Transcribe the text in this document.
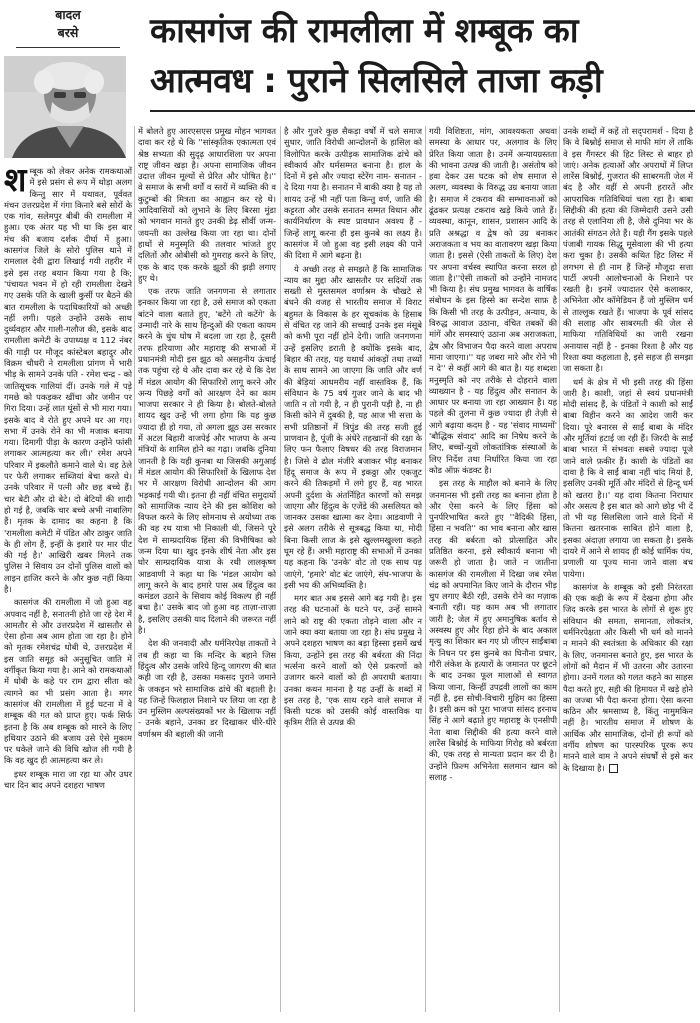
बादल
बरसे	कासगंज की रामलीला में शम्बूक का
आत्मवध : पुराने सिलसिले ताजा कड़ी

शम्बूक को लेकर अनेक रामकथाओं में इसे प्रसंग से रूप में थोड़ा अलग किन्तु सार में यथावत, पूर्ववत मंचन उत्तरप्रदेश में गंगा किनारे बसे सोरों के एक गांव, सलेमपुर बीबी की रामलीला में हुआ। एक अंतर यह भी था कि इस बार मंच की बजाय दर्शक दीर्घा में हुआ। कासगंज जिले के सोरो पुलिस थाने में रामलाल देवी द्वारा लिखाई गयी तहरीर में इसे इस तरह बयान किया गया है कि; 'पंचायत भवन में हो रही रामलीला देखने गए उसके पति के खाली कुर्सी पर बैठने की बात रामलीला के पदाधिकारियों को अच्छी नहीं लगी। पहले उन्होंने उसके साथ दुर्व्यवहार और गाली-गलौज की, इसके बाद रामलीला कमेटी के उपाध्यक्ष व 112 नंबर की गाड़ी पर मौजूद कांस्टेबल बहादुर और विक्रम चौधरी ने रामलीला प्रांगण में भारी भीड़ के सामने उनके पति - रमेश चन्द्र - को जातिसूचक गालियां दीं। उनके गले में पड़े गमछे को पकड़कर खींचा और जमीन पर गिरा दिया। उन्हें लात घूंसों से भी मारा गया। इसके बाद वे रोते हुए अपने घर आ गए। सभा में उनके रोने का भी मजाक बनाया गया। दिमागी पीड़ा के कारण उन्होंने फांसी लगाकर आत्महत्या कर ली।' रमेश अपने परिवार में इकलौते कमाने वाले थे। वह ठेले पर फेरी लगाकर सब्जियां बेचा करते थे। उनके परिवार में पत्नी और छह बच्चे हैं। चार बेटी और दो बेटे। दो बेटियों की शादी हो गई है, जबकि चार बच्चे अभी नाबालिग हैं। मृतक के दामाद का कहना है कि 'रामलीला कमेटी में पंडित और ठाकुर जाति के ही लोग हैं, इन्हीं के इशारे पर मार पीट की गई है।' आखिरी खबर मिलने तक पुलिस ने सिवाय उन दोनों पुलिस वालों को लाइन हाजिर करने के और कुछ नहीं किया है।

कासगंज की रामलीला में जो हुआ वह अपवाद नहीं है, सनातनी होते जा रहे देश में आमतौर से और उत्तरप्रदेश में खासतौर से ऐसा होना अब आम होता जा रहा है। होने को मृतक रमेशचंद्र धोबी थे, उत्तरप्रदेश में इस जाति समूह को अनुसूचित जाति में वर्गीकृत किया गया है। आने को रामकथाओं में धोबी के कहे पर राम द्वारा सीता को त्यागने का भी प्रसंग आता है। मगर कासगंज की रामलीला में हुई घटना में वे शम्बूक की गत को प्राप्त हुए। फर्क सिर्फ इतना है कि अब शम्बूक को मारने के लिए हथियार उठाने की बजाय उसे ऐसे मुकाम पर धकेले जाने की विधि खोज ली गयी है कि वह खुद ही आत्महत्या कर ले।

इधर शम्बूक मारा जा रहा था और उधर चार दिन बाद अपने दशहरा भाषण

में बोलते हुए आरएसएस प्रमुख मोहन भागवत दावा कर रहे थे कि ''सांस्कृतिक एकात्मता एवं श्रेष्ठ सभ्यता की सुदृढ़ आधारशिला पर अपना राष्ट्र जीवन खड़ा है। अपना सामाजिक जीवन उदात्त जीवन मूल्यों से प्रेरित और पोषित है।'' वे समाज के सभी वर्गों व स्तरों में व्यक्ति की व कुटुम्बों की मित्रता का आह्वान कर रहे थे। आदिवासियों को लुभाने के लिए बिरसा मुंडा को भगवान मानते हुए उनकी डेढ़ सौवीं जन्म-जयन्ती का उल्लेख किया जा रहा था। दोनों हाथों से मनुस्मृति की तलवार भांजते हुए दलितों और ओबीसी को गुमराह करने के लिए, एक के बाद एक करके झूठों की झड़ी लगाए हुए थे।

एक तरफ जाति जनगणना से लगातार इनकार किया जा रहा है, उसे समाज को एकता बांटने वाला बताते हुए, 'बटेंगे तो कटेंगे' के उन्मादी नारे के साथ हिन्दुओं की एकता कायम करने के धुंध घोष में बदला जा रहा है, दूसरी तरफ हरियाणा और महाराष्ट्र की सभाओं में प्रधानमंत्री मोदी इस झूठ को असहनीय ऊंचाई तक पहुंचा रहे थे और दावा कर रहे थे कि देश में मंडल आयोग की सिफारिशें लागू करने और अन्य पिछड़े वर्गों को आरक्षण देने का काम भाजपा सरकार ने ही किया है। बोलते-बोलते शायद खुद उन्हें भी लगा होगा कि यह कुछ ज्यादा ही हो गया, तो अगला झूठ उस सरकार में अटल बिहारी वाजपेई और भाजपा के अन्य मंत्रियों के शामिल होने का गढ़ा। जबकि दुनिया जानती है कि यही कुनबा था जिसकी अगुआई में मंडल आयोग की सिफारिशों के खिलाफ देश भर में आरक्षण विरोधी आन्दोलन की आग भड़काई गयी थी। इतना ही नहीं वंचित समुदायों को सामाजिक न्याय देने की इस कोशिश को विफल करने के लिए सोमनाथ से अयोध्या तक की वह रथ यात्रा भी निकाली थी, जिसने पूरे देश में साम्प्रदायिक हिंसा की विभीषिका को जन्म दिया था। खुद इनके शीर्ष नेता और इस घोर साम्प्रदायिक यात्रा के रथी लालकृष्ण आडवाणी ने कहा था कि 'मंडल आयोग को लागू करने के बाद हमारे पास अब हिंदुत्व का कमंडल उठाने के सिवाय कोई विकल्प ही नहीं बचा है।' उसके बाद जो हुआ वह ताज़ा-ताज़ा है, इसलिए उसकी याद दिलाने की जरूरत नहीं है।

देश की जनवादी और धर्मनिरपेक्ष ताकतों ने तब ही कहा था कि मन्दिर के बहाने जिस हिंदुत्व और उसके जरिये हिन्दू जागरण की बात कही जा रही है, उसका मकसद पुराने जमाने के जकड़न भरे सामाजिक ढांचे की बहाली है। यह जिन्हें फिलहाल निशाने पर लिया जा रहा है उन मुस्लिम अल्पसंख्यकों भर के खिलाफ नहीं - उनके बहाने, उनका डर दिखाकर धीरे-धीरे वर्णाश्रम की बहाली की जानी

है और गुजरे कुछ सैकड़ा वर्षों में चले समाज सुधार, जाति विरोधी आन्दोलनों के हासिल को विलोपित करके उत्पीड़क सामाजिक ढांचे को स्वीकार्य और धर्मसम्मत बनाना है। हाल के दिनों में इसे और ज्यादा स्टेरेंग नाम- सनातन - दे दिया गया है। सनातन में बाकी क्या है यह तो शायद उन्हें भी नहीं पता किन्तु वर्ण, जाति की कट्टरता और उसके सनातन सम्मत विधान और कार्यनिर्धारण के स्पष्ट प्रावधान अवश्य हैं - जिन्हें लागू करना ही इस कुनबे का लक्ष्य है। कासगंज में जो हुआ वह इसी लक्ष्य की पाने की दिशा में आगे बढ़ना है।

ये अच्छी तरह से समझते हैं कि सामाजिक न्याय का मुद्दा और खासतौर पर सदियों तक सख्ती से मुस्तसमल वर्णाश्रम के चौखटे से बंधने की वजह से भारतीय समाज में विराट बहुमत के विकास के हर सूचकांक के हिसाब से वंचित रह जाने की सच्चाई उनके इस मंसूबे को कभी पूरा नहीं होने देगी। जाति जनगणना उन्हें इसलिए डराती है क्योंकि इसके बाद, बिहार की तरह, यह यथार्थ आंकड़ों तथा तथ्यों के साथ सामने आ जाएगा कि जाति और वर्ण की बेड़ियां आधमरीय नहीं वास्तविक हैं, कि संविधान के 75 वर्ष गुजर जाने के बाद भी जाति न तो गयी है, न ही पुरानी पड़ी है, ना ही किसी कोने में दुबकी है, यह आज भी सत्ता के सभी प्रतिष्ठानों में त्रिपुंड की तरह सजी हुई प्राणवान है, पूंजी के अंधेरे तहखानों की रक्षा के लिए फन फैलाए विषधर की तरह विराजमान है। जिसे वे ढोल मंजीरे बजाकर भीड़ बनाकर हिंदू समाज के रूप में इकठ्ठा और एकजुट करने की तिकड़मों में लगे हुए हैं, वह भारत अपनी दुर्दशा के अंतर्निहित कारणों को समझ जाएगा और हिंदुत्व के एजेंडे की असलियत को जानकर उसका खात्मा कर देगा। आडवाणी ने इसे अलग तरीके से सूत्रबद्ध किया था, मोदी बिना किसी लाज के इसे खुल्लमखुल्ला कहते घूम रहे हैं। अभी महाराष्ट्र की सभाओं में उनका यह कहना कि 'उनके' वोट तो एक साथ पड़ जाएंगे, 'हमारे' वोट बंट जाएंगे, संघ-भाजपा के इसी भय की अभिव्यक्ति है।

मगर बात अब इससे आगे बढ़ गयी है। इस तरह की घटनाओं के घटने पर, उन्हें सामने लाने को राष्ट्र की एकता तोड़ने वाला और न जाने क्या क्या बताया जा रहा है। संघ प्रमुख ने अपने दशहरा भाषण का बड़ा हिस्सा इसमें खर्च किया, उन्होंने इस तरह की बर्बरता की निंदा भर्त्सना करने वालों को ऐसे प्रकरणों को उजागर करने वालों को ही अपराधी बताया। उनका कथन मानना है यह उन्हीं के शब्दों में इस तरह है, 'एक साथ रहने वाले समाज में किसी घटक को उसकी कोई वास्तविक या कृत्रिम रीति से उत्पन्न की

गयी विशिष्टता, मांग, आवश्यकता अथवा समस्या के आधार पर, अलगाव के लिए प्रेरित किया जाता है। उनमें अन्यायग्रस्तता की भावना उत्पन्न की जाती है। असंतोष को हवा देकर उस घटक को शेष समाज से अलग, व्यवस्था के विरुद्ध उग्र बनाया जाता है। समाज में टकराव की सम्भावनाओं को ढूंढकर प्रत्यक्ष टकराव खड़े किये जाते हैं। व्यवस्था, कानून, शासन, प्रशासन आदि के प्रति अश्रद्धा व द्वेष को उग्र बनाकर अराजकता व भय का वातावरण खड़ा किया जाता है। इससे (ऐसी ताकतों के लिए) देश पर अपना वर्चस्व स्थापित करना सरल हो जाता है।''ऐसी ताकतों को उन्होंने नामजद भी किया है। संघ प्रमुख भागवत के वार्षिक संबोधन के इस हिस्से का सन्देश साफ़ है कि किसी भी तरह के उत्पीड़न, अन्याय, के विरुद्ध आवाज उठाना, वंचित तबकों की मांगें और समस्याएं उठाना अब अराजकता, द्वेष और विभाजन पैदा करने वाला अपराध माना जाएगा।'' यह जबरा मारे और रोने भी न दे'' से कहीं आगे की बात है। यह शब्दशः मनुस्मृति को नए तरीके से दोहराने वाला व्याख्यान है - यह हिंदुत्व और सनातन के आधार पर बनाया जा रहा आख्यान है। यह पहले की तुलना में कुछ ज्यादा ही तेज़ी से आगे बढ़ाया कदम है - यह 'संवाद माध्यमों' 'बौद्धिक संवाद' आदि का निषेध करने के लिए, बच्चों-युवों लोकतांत्रिक संस्थाओं के लिए निर्देश तथा निर्धारित किया जा रहा कोड ऑफ़ कंडक्ट है।

इस तरह के माहौल को बनाने के लिए जनमानस भी इसी तरह का बनाना होता है और ऐसा करने के लिए हिंसा को पुनर्परिभाषित करते हुए ''वैदिकी हिंसा, हिंसा न भवति'' का भाव बनाना और खास तरह की बर्बरता को प्रोत्साहित और प्रतिष्ठित करना, इसे स्वीकार्य बनाना भी जरूरी हो जाता है। जाते न जातीना कासगंज की रामलीला में दिखा जब रमेश चंद्र को अपमानित किए जाने के दौरान भीड़ चुप लगाए बैठी रही, उसके रोने का मज़ाक बनाती रही। यह काम अब भी लगातार जारी है; जेल में हुए अमानुषिक बर्ताव से अस्वस्थ हुए और रिहा होने के बाद अकाल मृत्यु का शिकार बन गए प्रो जीएन साईंबाबा के निधन पर इस कुनबे का घिनौना प्रचार, गौरी लंकेश के हत्यारों के जमानत पर छूटने के बाद उनका फूल मालाओं से स्वागत किया जाना, किन्हीं उपद्रवी लालों का काम नहीं है, इस सोची-विचारी मुहिम का हिस्सा है। इसी क्रम को पूरा भाजपा सांसद हरनाथ सिंह ने आगे बढ़ाते हुए महाराष्ट्र के एनसीपी नेता बाबा सिद्दीकी की हत्या करने वाले लारेंस बिश्नोई के माफिया गिरोह को बर्बरता की, एक तरह से मान्यता प्रदान कर दी है। उन्होंने फ़िल्म अभिनेता सलमान खान को सलाह -

उनके शब्दों में कहें तो सद्परामर्श - दिया है कि वे बिश्नोई समाज से माफी मांग लें ताकि वे इस गैंगस्टर की हिट लिस्ट से बाहर हो जाएं। अनेक हत्याओं और अपराधों में लिप्त लारेंस बिश्नोई, गुजरात की साबरमती जेल में बंद है और वहीं से अपनी हरारतें और आपराधिक गतिविधियां चला रहा है। बाबा सिद्दीकी की हत्या की जिम्मेदारी उसने उसी तरह से एलानिया ली है, जैसे दुनिया भर के आतंकी संगठन लेते हैं। यही गैंग इसके पहले पंजाबी गायक सिद्धू मूसेवाला की भी हत्या करा चुका है। उसकी कथित हिट लिस्ट में लगभग से ही नाम हैं जिन्हें मौजूदा सत्ता पार्टी अपनी आलोचनाओं के निशाने पर रखती है। इनमें ज्यादातर ऐसे कलाकार, अभिनेता और कॉमेडियन हैं जो मुस्लिम धर्म से ताल्लुक रखते हैं। भाजपा के पूर्व सांसद की सलाह और साबरमती की जेल से माफिया गतिविधियों का जारी रखना अनायास नहीं है - इनका रिश्ता है और यह रिश्ता क्या कहलाता है, इसे सहज ही समझा जा सकता है।

धर्म के क्षेत्र में भी इसी तरह की हिंसा जारी है। काशी, जहां से स्वयं प्रधानमंत्री मोदी सांसद हैं, के पंडितों ने काशी को साईं बाबा विहीन करने का आदेश जारी कर दिया। पूरे बनारस से साईं बाबा के मंदिर और मूर्तियां हटाई जा रही हैं। जिरदी के साईं बाबा भारत में संभवतः सबसे ज्यादा पूजे जाने वाले फ़कीर हैं। काशी के पंडितों का दावा है कि वे साईं बाबा नहीं चांद मियां हैं, इसलिए उनकी मूर्ति और मंदिरों से हिन्दू धर्म को खतरा है।।' यह दावा कितना निराधार और असत्य है इस बात को आगे छोड़ भी दें तो भी यह सिलसिला जाने वाले दिनों में कितना खतरनाक साबित होने वाला है, इसका अंदाज़ा लगाया जा सकता है। इसके दायरे में आने से शायद ही कोई धार्मिक पंथ, प्रणाली या पूज्य माना जाने वाला बच पायेगा।

कासगंज के शम्बूक को इसी निरंतरता की एक कड़ी के रूप में देखना होगा और जिद करके इस भारत के लोगों से शुरू हुए संविधान की समता, समानता, लोकतंत्र, धर्मनिरपेक्षता और किसी भी धर्म को मानने न मानने की स्वतंत्रता के अधिकार की रक्षा के लिए, जनमानस बनाते हुए, इस भारत के लोगों को मैदान में भी उतरना और उतारना होगा। उनमें गलत को गलत कहने का साहस पैदा करते हुए, सही की हिमायत में खड़े होने का जज्बा भी पैदा करना होगा। ऐसा करना कठिन और श्रमसाध्य है, किंतु नामुमकिन नहीं है। भारतीय समाज में शोषण के आर्थिक और सामाजिक, दोनों ही रूपों को वर्गीय शोषण का पारस्परिक पूरक रूप मानने वाले वाम ने अपने संघर्षों से इसे कर के दिखाया है।
